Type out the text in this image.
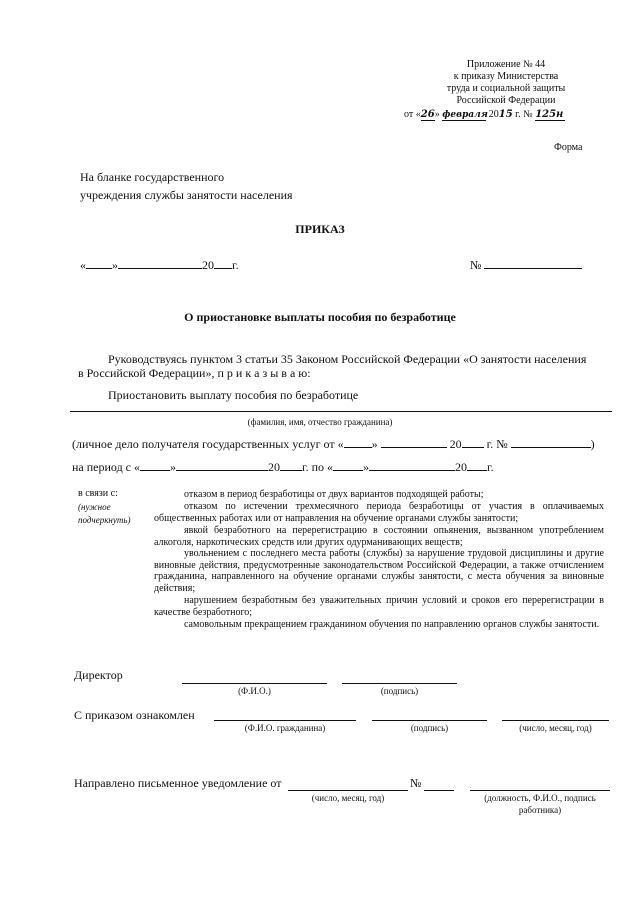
Приложение № 44
к приказу Министерства
труда и социальной защиты
Российской Федерации
от «26» февраля 2015 г. № 125н
Форма
На бланке государственного
учреждения службы занятости населения
ПРИКАЗ
« »	20 г.	№
О приостановке выплаты пособия по безработице
Руководствуясь пунктом 3 статьи 35 Законом Российской Федерации «О занятости населения
в Российской Федерации», п р и к а з ы в а ю:
Приостановить выплату пособия по безработице
(фамилия, имя, отчество гражданина)
(личное дело получателя государственных услуг от « »	20 г. №	)
на период с «	»	20 г. по «	»	20 г.
в связи с:
(нужное
подчеркнуть)
отказом в период безработицы от двух вариантов подходящей работы;
отказом по истечении трехмесячного периода безработицы от участия в оплачиваемых общественных работах или от направления на обучение органами службы занятости;
явкой безработного на перерегистрацию в состоянии опьянения, вызванном употреблением алкоголя, наркотических средств или других одурманивающих веществ;
увольнением с последнего места работы (службы) за нарушение трудовой дисциплины и другие виновные действия, предусмотренные законодательством Российской Федерации, а также отчислением гражданина, направленного на обучение органами службы занятости, с места обучения за виновные действия;
нарушением безработным без уважительных причин условий и сроков его перерегистрации в качестве безработного;
самовольным прекращением гражданином обучения по направлению органов службы занятости.
Директор
(Ф.И.О.)	(подпись)
С приказом ознакомлен
(Ф.И.О. гражданина)	(подпись)	(число, месяц, год)
Направлено письменное уведомление от	№
(число, месяц, год)	(должность, Ф.И.О., подпись
работника)
